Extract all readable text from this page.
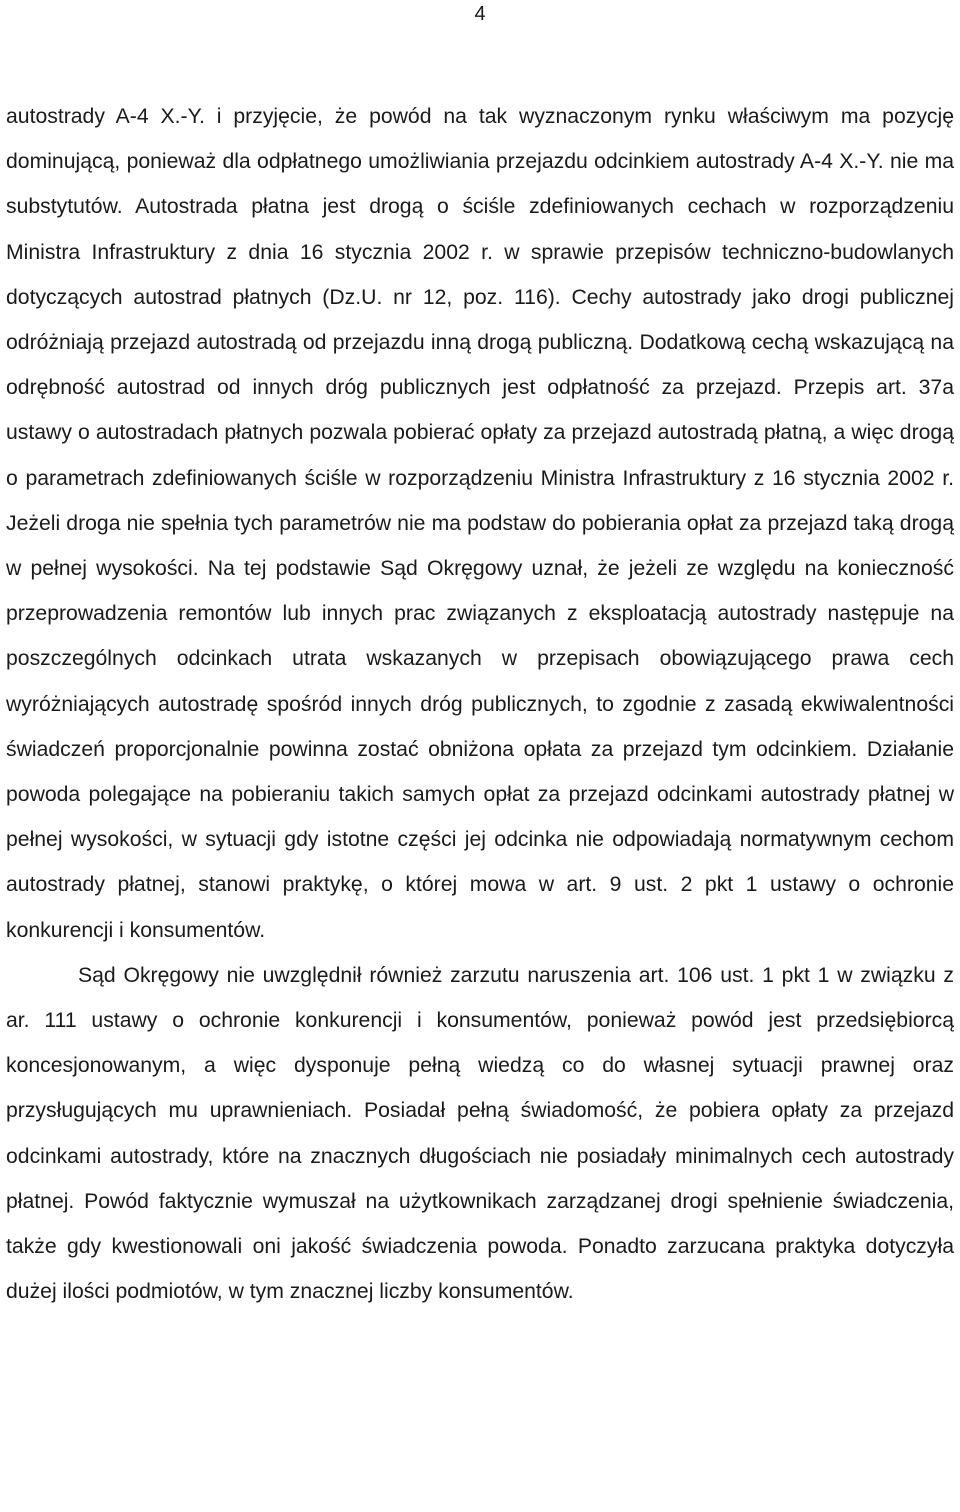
4

autostrady A-4 X.-Y. i przyjęcie, że powód na tak wyznaczonym rynku właściwym ma pozycję dominującą, ponieważ dla odpłatnego umożliwiania przejazdu odcinkiem autostrady A-4 X.-Y. nie ma substytutów. Autostrada płatna jest drogą o ściśle zdefiniowanych cechach w rozporządzeniu Ministra Infrastruktury z dnia 16 stycznia 2002 r. w sprawie przepisów techniczno-budowlanych dotyczących autostrad płatnych (Dz.U. nr 12, poz. 116). Cechy autostrady jako drogi publicznej odróżniają przejazd autostradą od przejazdu inną drogą publiczną. Dodatkową cechą wskazującą na odrębność autostrad od innych dróg publicznych jest odpłatność za przejazd. Przepis art. 37a ustawy o autostradach płatnych pozwala pobierać opłaty za przejazd autostradą płatną, a więc drogą o parametrach zdefiniowanych ściśle w rozporządzeniu Ministra Infrastruktury z 16 stycznia 2002 r. Jeżeli droga nie spełnia tych parametrów nie ma podstaw do pobierania opłat za przejazd taką drogą w pełnej wysokości. Na tej podstawie Sąd Okręgowy uznał, że jeżeli ze względu na konieczność przeprowadzenia remontów lub innych prac związanych z eksploatacją autostrady następuje na poszczególnych odcinkach utrata wskazanych w przepisach obowiązującego prawa cech wyróżniających autostradę spośród innych dróg publicznych, to zgodnie z zasadą ekwiwalentności świadczeń proporcjonalnie powinna zostać obniżona opłata za przejazd tym odcinkiem. Działanie powoda polegające na pobieraniu takich samych opłat za przejazd odcinkami autostrady płatnej w pełnej wysokości, w sytuacji gdy istotne części jej odcinka nie odpowiadają normatywnym cechom autostrady płatnej, stanowi praktykę, o której mowa w art. 9 ust. 2 pkt 1 ustawy o ochronie konkurencji i konsumentów.

Sąd Okręgowy nie uwzględnił również zarzutu naruszenia art. 106 ust. 1 pkt 1 w związku z ar. 111 ustawy o ochronie konkurencji i konsumentów, ponieważ powód jest przedsiębiorcą koncesjonowanym, a więc dysponuje pełną wiedzą co do własnej sytuacji prawnej oraz przysługujących mu uprawnieniach. Posiadał pełną świadomość, że pobiera opłaty za przejazd odcinkami autostrady, które na znacznych długościach nie posiadały minimalnych cech autostrady płatnej. Powód faktycznie wymuszał na użytkownikach zarządzanej drogi spełnienie świadczenia, także gdy kwestionowali oni jakość świadczenia powoda. Ponadto zarzucana praktyka dotyczyła dużej ilości podmiotów, w tym znacznej liczby konsumentów.
